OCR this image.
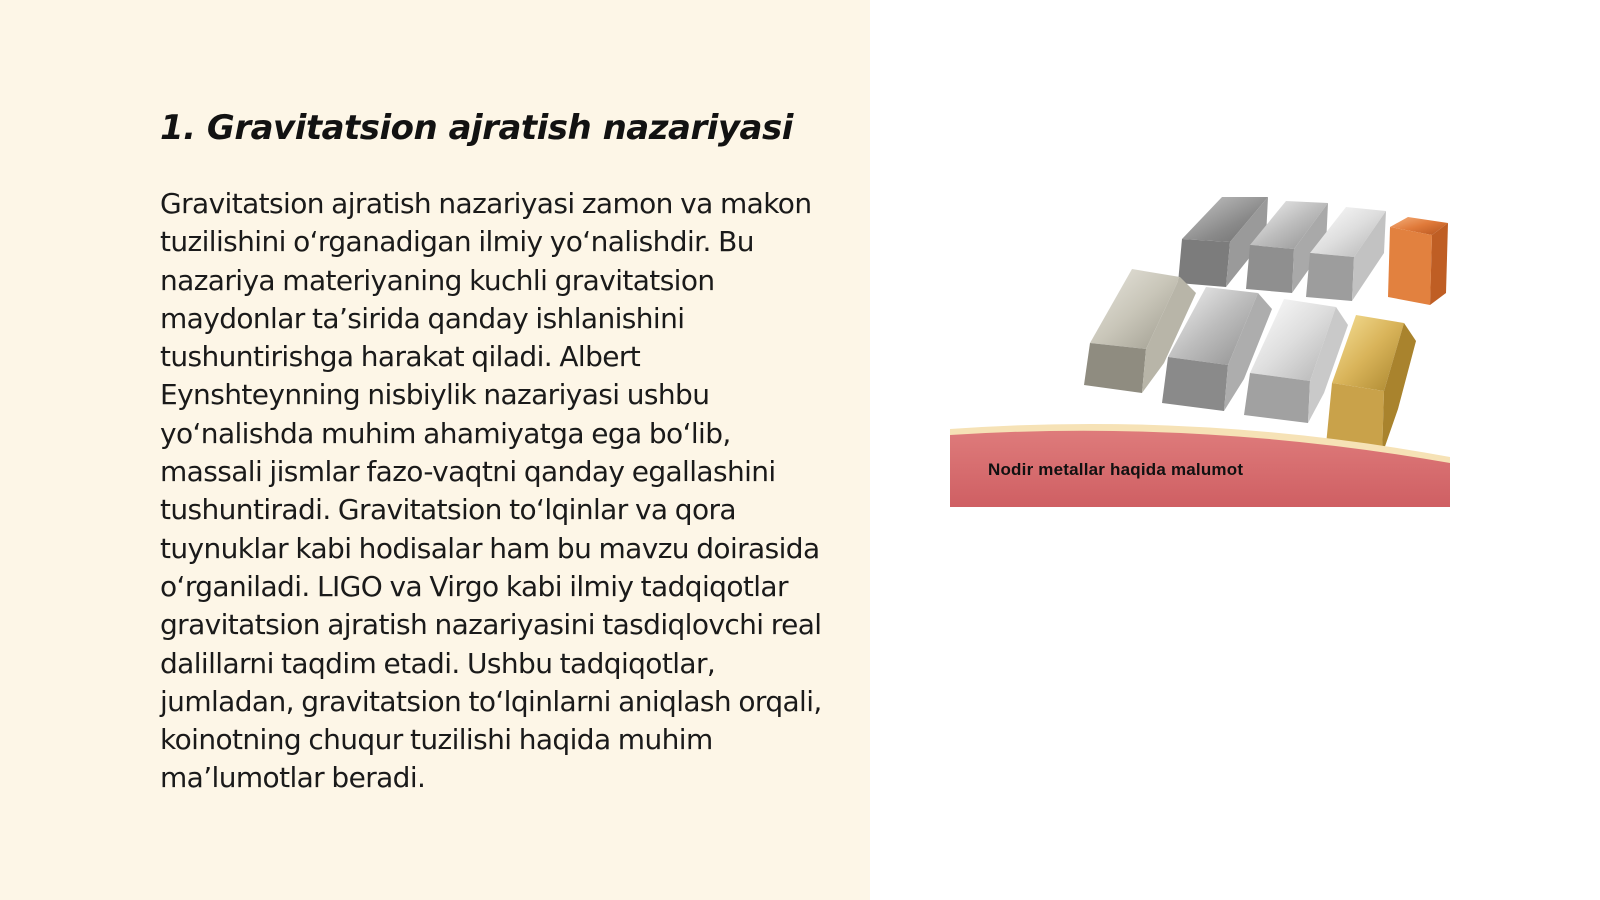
1. Gravitatsion ajratish nazariyasi

Gravitatsion ajratish nazariyasi zamon va makon tuzilishini o‘rganadigan ilmiy yo‘nalishdir. Bu nazariya materiyaning kuchli gravitatsion maydonlar ta’sirida qanday ishlanishini tushuntirishga harakat qiladi. Albert Eynshteynning nisbiylik nazariyasi ushbu yo‘nalishda muhim ahamiyatga ega bo‘lib, massali jismlar fazo-vaqtni qanday egallashini tushuntiradi. Gravitatsion to‘lqinlar va qora tuynuklar kabi hodisalar ham bu mavzu doirasida o‘rganiladi. LIGO va Virgo kabi ilmiy tadqiqotlar gravitatsion ajratish nazariyasini tasdiqlovchi real dalillarni taqdim etadi. Ushbu tadqiqotlar, jumladan, gravitatsion to‘lqinlarni aniqlash orqali, koinotning chuqur tuzilishi haqida muhim ma’lumotlar beradi.

Nodir metallar haqida malumot
